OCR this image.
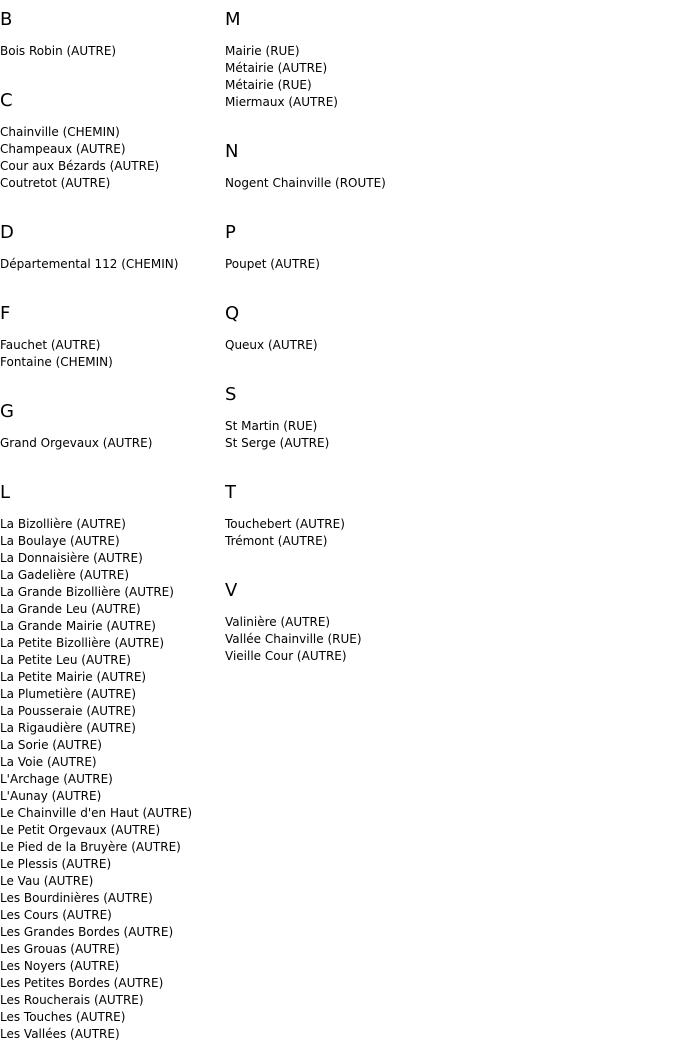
B
Bois Robin (AUTRE)
C
Chainville (CHEMIN)
Champeaux (AUTRE)
Cour aux Bézards (AUTRE)
Coutretot (AUTRE)
D
Départemental 112 (CHEMIN)
F
Fauchet (AUTRE)
Fontaine (CHEMIN)
G
Grand Orgevaux (AUTRE)
L
La Bizollière (AUTRE)
La Boulaye (AUTRE)
La Donnaisière (AUTRE)
La Gadelière (AUTRE)
La Grande Bizollière (AUTRE)
La Grande Leu (AUTRE)
La Grande Mairie (AUTRE)
La Petite Bizollière (AUTRE)
La Petite Leu (AUTRE)
La Petite Mairie (AUTRE)
La Plumetière (AUTRE)
La Pousseraie (AUTRE)
La Rigaudière (AUTRE)
La Sorie (AUTRE)
La Voie (AUTRE)
L'Archage (AUTRE)
L'Aunay (AUTRE)
Le Chainville d'en Haut (AUTRE)
Le Petit Orgevaux (AUTRE)
Le Pied de la Bruyère (AUTRE)
Le Plessis (AUTRE)
Le Vau (AUTRE)
Les Bourdinières (AUTRE)
Les Cours (AUTRE)
Les Grandes Bordes (AUTRE)
Les Grouas (AUTRE)
Les Noyers (AUTRE)
Les Petites Bordes (AUTRE)
Les Roucherais (AUTRE)
Les Touches (AUTRE)
Les Vallées (AUTRE)
M
Mairie (RUE)
Métairie (AUTRE)
Métairie (RUE)
Miermaux (AUTRE)
N
Nogent Chainville (ROUTE)
P
Poupet (AUTRE)
Q
Queux (AUTRE)
S
St Martin (RUE)
St Serge (AUTRE)
T
Touchebert (AUTRE)
Trémont (AUTRE)
V
Valinière (AUTRE)
Vallée Chainville (RUE)
Vieille Cour (AUTRE)
